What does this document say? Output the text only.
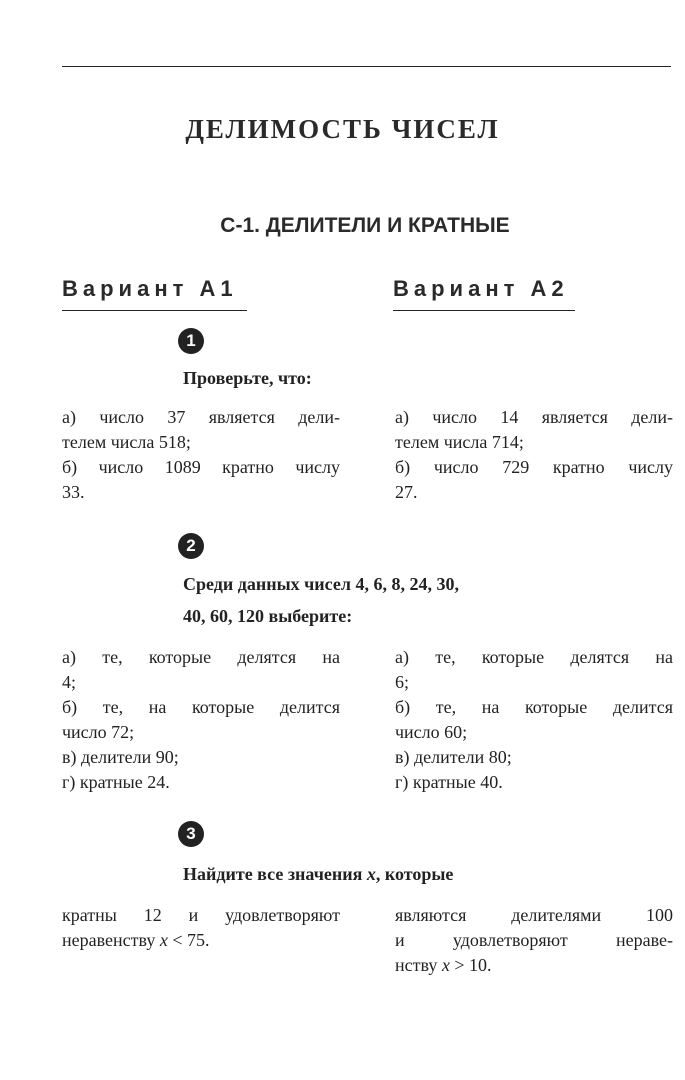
ДЕЛИМОСТЬ ЧИСЕЛ
С-1. ДЕЛИТЕЛИ И КРАТНЫЕ
Вариант А1	Вариант А2
1
Проверьте, что:

а) число 37 является дели-

телем числа 518;

б) число 1089 кратно числу

33.

а) число 14 является дели-

телем числа 714;

б) число 729 кратно числу

27.

2
Среди данных чисел 4, 6, 8, 24, 30,
40, 60, 120 выберите:

а) те, которые делятся на

4;

б) те, на которые делится

число 72;

в) делители 90;

г) кратные 24.

а) те, которые делятся на

6;

б) те, на которые делится

число 60;

в) делители 80;

г) кратные 40.

3
Найдите все значения x, которые

кратны 12 и удовлетворяют

неравенству x < 75.

являются делителями 100

и удовлетворяют нераве-

нству x > 10.
